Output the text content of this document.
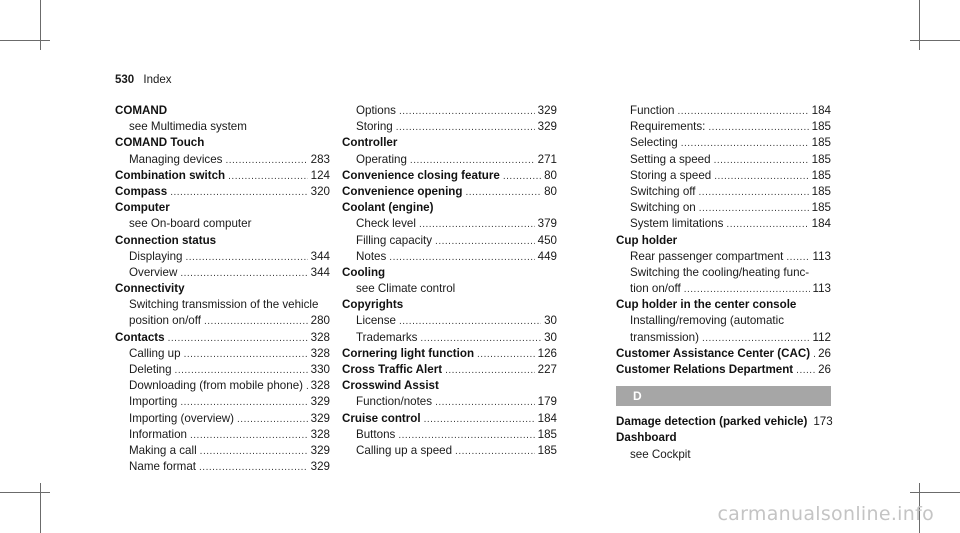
530 Index
COMAND
see Multimedia system
COMAND Touch
Managing devices .....	283
Combination switch .....	124
Compass .....	320
Computer
see On-board computer
Connection status
Displaying .....	344
Overview .....	344
Connectivity
Switching transmission of the vehicle
position on/off .....	280
Contacts .....	328
Calling up .....	328
Deleting .....	330
Downloading (from mobile phone) ..... 328
Importing .....	329
Importing (overview) .....	329
Information .....	328
Making a call .....	329
Name format .....	329
Options .....	329
Storing .....	329
Controller
Operating .....	271
Convenience closing feature .....	80
Convenience opening .....	80
Coolant (engine)
Check level .....	379
Filling capacity .....	450
Notes .....	449
Cooling
see Climate control
Copyrights
License .....	30
Trademarks .....	30
Cornering light function .....	126
Cross Traffic Alert .....	227
Crosswind Assist
Function/notes .....	179
Cruise control .....	184
Buttons .....	185
Calling up a speed .....	185
Function .....	184
Requirements: .....	185
Selecting .....	185
Setting a speed .....	185
Storing a speed .....	185
Switching off .....	185
Switching on .....	185
System limitations .....	184
Cup holder
Rear passenger compartment .....	113
Switching the cooling/heating func-
tion on/off .....	113
Cup holder in the center console
Installing/removing (automatic
transmission) .....	112
Customer Assistance Center (CAC) ..... 26
Customer Relations Department ..... 26
D
Damage detection (parked vehicle) 173
Dashboard
see Cockpit
carmanualsonline.info
